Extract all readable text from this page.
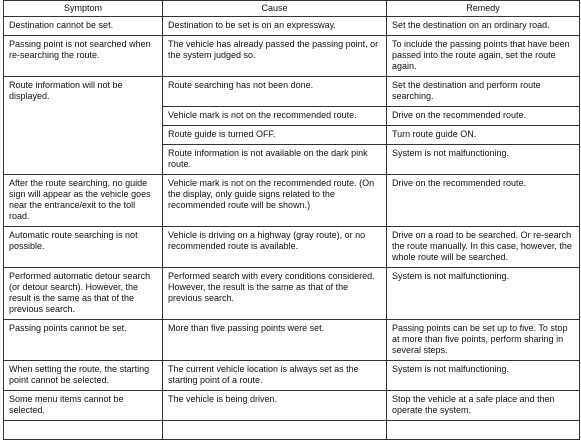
Symptom	Cause	Remedy
Destination cannot be set.	Destination to be set is on an expressway.	Set the destination on an ordinary road.
Passing point is not searched when re-searching the route.	The vehicle has already passed the passing point, or the system judged so.	To include the passing points that have been passed into the route again, set the route again.
Route information will not be displayed.	Route searching has not been done.	Set the destination and perform route searching.
	Vehicle mark is not on the recommended route.	Drive on the recommended route.
	Route guide is turned OFF.	Turn route guide ON.
	Route information is not available on the dark pink route.	System is not malfunctioning.
After the route searching, no guide sign will appear as the vehicle goes near the entrance/exit to the toll road.	Vehicle mark is not on the recommended route. (On the display, only guide signs related to the recommended route will be shown.)	Drive on the recommended route.
Automatic route searching is not possible.	Vehicle is driving on a highway (gray route), or no recommended route is available.	Drive on a road to be searched. Or re-search the route manually. In this case, however, the whole route will be searched.
Performed automatic detour search (or detour search). However, the result is the same as that of the previous search.	Performed search with every conditions considered. However, the result is the same as that of the previous search.	System is not malfunctioning.
Passing points cannot be set.	More than five passing points were set.	Passing points can be set up to five. To stop at more than five points, perform sharing in several steps.
When setting the route, the starting point cannot be selected.	The current vehicle location is always set as the starting point of a route.	System is not malfunctioning.
Some menu items cannot be selected.	The vehicle is being driven.	Stop the vehicle at a safe place and then operate the system.
